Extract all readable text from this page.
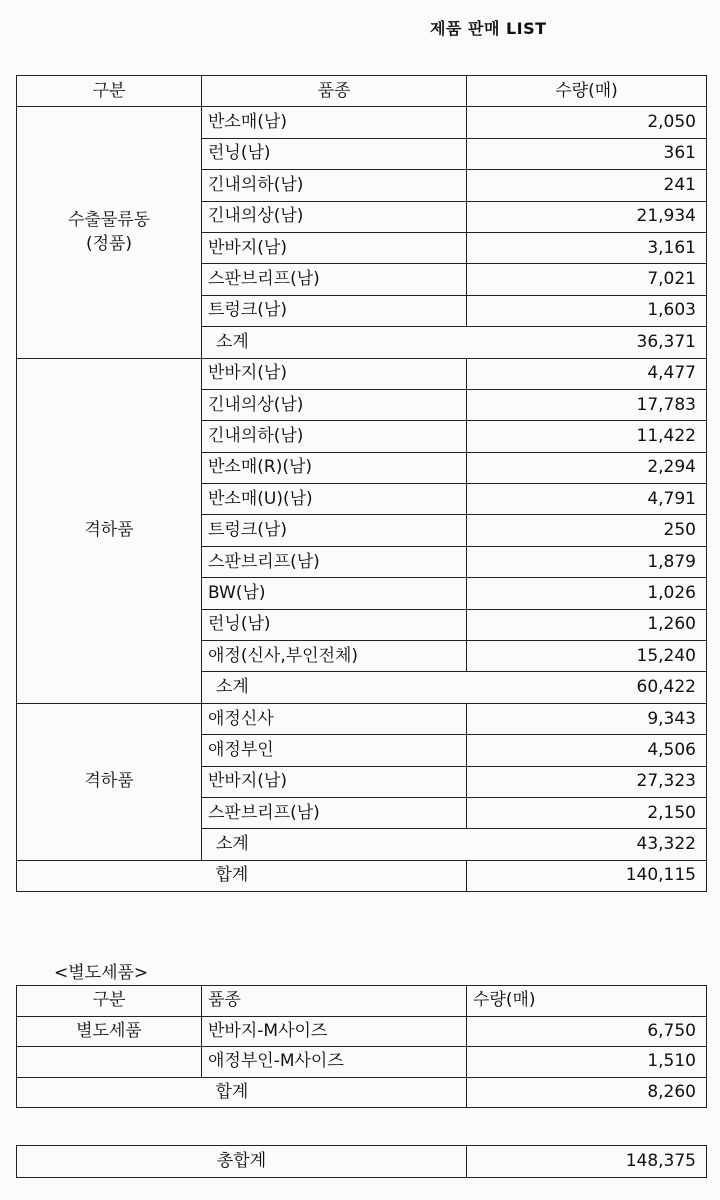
제품 판매 LIST
구분	품종	수량(매)

수출물류동
(정품)	반소매(남)	2,050
	런닝(남)	361
	긴내의하(남)	241
	긴내의상(남)	21,934
	반바지(남)	3,161
	스판브리프(남)	7,021
	트렁크(남)	1,603
	소계	36,371

격하품	반바지(남)	4,477
	긴내의상(남)	17,783
	긴내의하(남)	11,422
	반소매(R)(남)	2,294
	반소매(U)(남)	4,791
	트렁크(남)	250
	스판브리프(남)	1,879
	BW(남)	1,026
	런닝(남)	1,260
	애정(신사,부인전체)	15,240
	소계	60,422

격하품	애정신사	9,343
	애정부인	4,506
	반바지(남)	27,323
	스판브리프(남)	2,150
	소계	43,322
	합계	140,115
<별도세품>
구분	품종	수량(매)
별도세품	반바지-M사이즈	6,750
	애정부인-M사이즈	1,510
	합계	8,260
총합계	148,375
